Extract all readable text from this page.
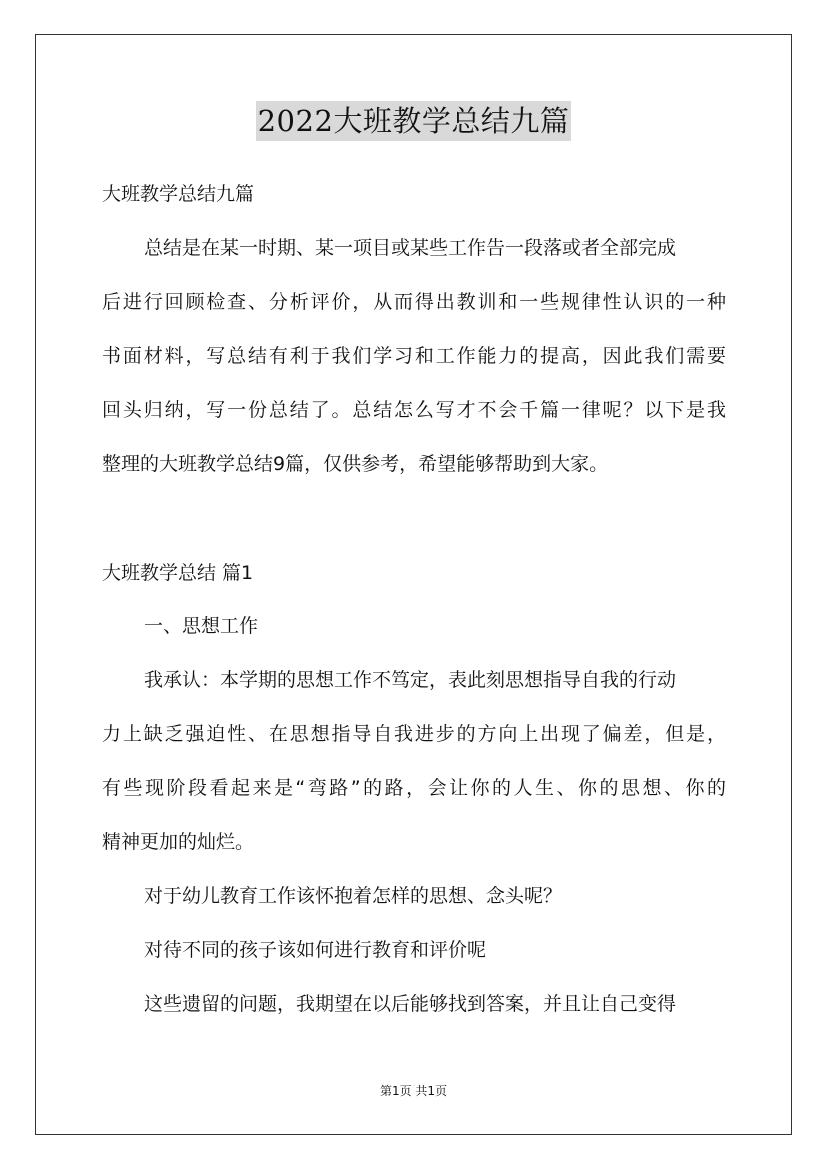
2022大班教学总结九篇
大班教学总结九篇
总结是在某一时期、某一项目或某些工作告一段落或者全部完成
后进行回顾检查、分析评价，从而得出教训和一些规律性认识的一种
书面材料，写总结有利于我们学习和工作能力的提高，因此我们需要
回头归纳，写一份总结了。总结怎么写才不会千篇一律呢？以下是我
整理的大班教学总结9篇，仅供参考，希望能够帮助到大家。
大班教学总结 篇1
一、思想工作
我承认：本学期的思想工作不笃定，表此刻思想指导自我的行动
力上缺乏强迫性、在思想指导自我进步的方向上出现了偏差，但是，
有些现阶段看起来是“弯路”的路，会让你的人生、你的思想、你的
精神更加的灿烂。
对于幼儿教育工作该怀抱着怎样的思想、念头呢？
对待不同的孩子该如何进行教育和评价呢
这些遗留的问题，我期望在以后能够找到答案，并且让自己变得
第1页 共1页
